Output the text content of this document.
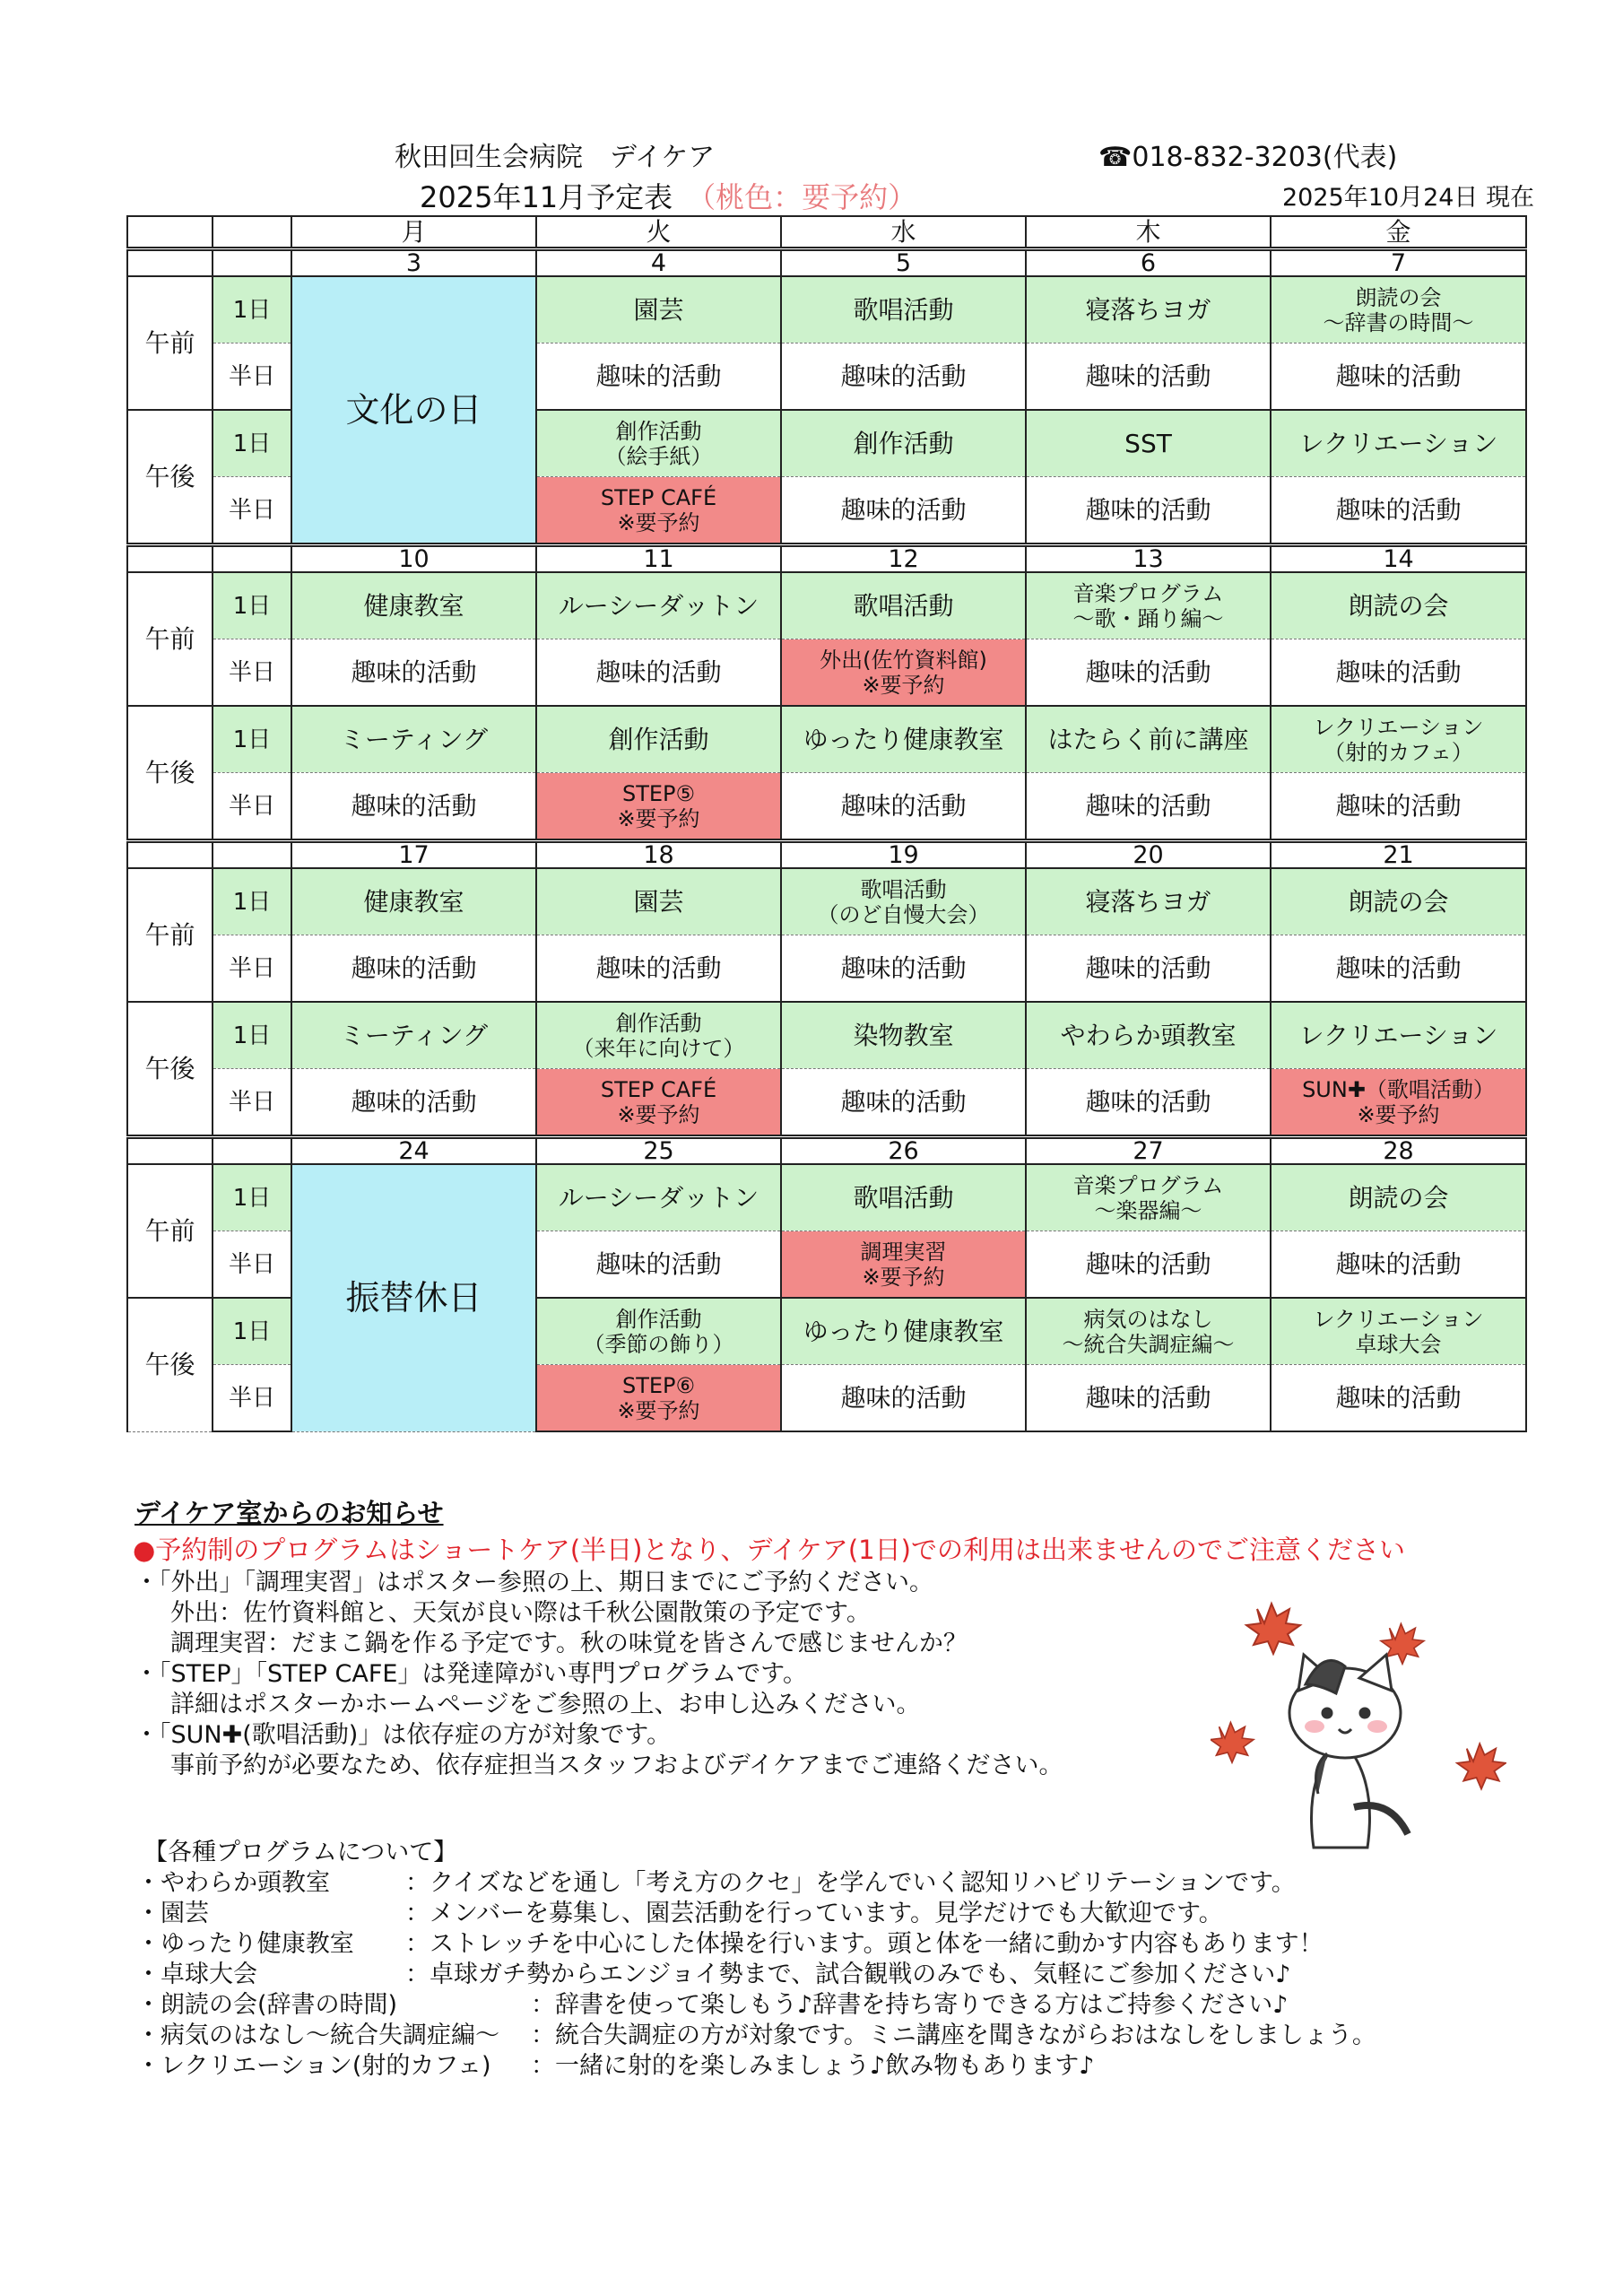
秋田回生会病院　デイケア	☎018-832-3203(代表)
2025年11月予定表　（桃色：要予約）	2025年10月24日 現在
		月	火	水	木	金
		3	4	5	6	7
午前	1日	文化の日	園芸	歌唱活動	寝落ちヨガ	朗読の会
～辞書の時間～

	半日		趣味的活動	趣味的活動	趣味的活動	趣味的活動
午後	1日		創作活動
（絵手紙）	創作活動	SST	レクリエーション
	半日		STEP CAFÉ
※要予約	趣味的活動	趣味的活動	趣味的活動
		10	11	12	13	14
午前	1日	健康教室	ルーシーダットン	歌唱活動	音楽プログラム
～歌・踊り編～	朗読の会
	半日	趣味的活動	趣味的活動	外出(佐竹資料館)
※要予約	趣味的活動	趣味的活動
午後	1日	ミーティング	創作活動	ゆったり健康教室	はたらく前に講座	レクリエーション
（射的カフェ）

	半日	趣味的活動	STEP⑤
※要予約	趣味的活動	趣味的活動	趣味的活動
		17	18	19	20	21
午前	1日	健康教室	園芸	歌唱活動
（のど自慢大会）	寝落ちヨガ	朗読の会
	半日	趣味的活動	趣味的活動	趣味的活動	趣味的活動	趣味的活動
午後	1日	ミーティング	創作活動
（来年に向けて）	染物教室	やわらか頭教室	レクリエーション
	半日	趣味的活動	STEP CAFÉ
※要予約	趣味的活動	趣味的活動	SUN✚（歌唱活動）
※要予約

		24	25	26	27	28
午前	1日	振替休日	ルーシーダットン	歌唱活動	音楽プログラム
～楽器編～	朗読の会
	半日		趣味的活動	調理実習
※要予約	趣味的活動	趣味的活動
午後	1日		創作活動
（季節の飾り）	ゆったり健康教室	病気のはなし
～統合失調症編～	レクリエーション
卓球大会

	半日		STEP⑥
※要予約	趣味的活動	趣味的活動	趣味的活動
デイケア室からのお知らせ
●予約制のプログラムはショートケア(半日)となり、デイケア(1日)での利用は出来ませんのでご注意ください
・「外出」「調理実習」はポスター参照の上、期日までにご予約ください。
外出：佐竹資料館と、天気が良い際は千秋公園散策の予定です。
調理実習：だまこ鍋を作る予定です。秋の味覚を皆さんで感じませんか？
・「STEP」「STEP CAFE」は発達障がい専門プログラムです。
詳細はポスターかホームページをご参照の上、お申し込みください。
・「SUN✚(歌唱活動)」は依存症の方が対象です。
事前予約が必要なため、依存症担当スタッフおよびデイケアまでご連絡ください。
【各種プログラムについて】
・やわらか頭教室	：クイズなどを通し「考え方のクセ」を学んでいく認知リハビリテーションです。
・園芸	：メンバーを募集し、園芸活動を行っています。見学だけでも大歓迎です。
・ゆったり健康教室 ：ストレッチを中心にした体操を行います。頭と体を一緒に動かす内容もあります！
・卓球大会	：卓球ガチ勢からエンジョイ勢まで、試合観戦のみでも、気軽にご参加ください♪
・朗読の会(辞書の時間)	：辞書を使って楽しもう♪辞書を持ち寄りできる方はご持参ください♪
・病気のはなし～統合失調症編～ ：統合失調症の方が対象です。ミニ講座を聞きながらおはなしをしましょう。
・レクリエーション(射的カフェ) ：一緒に射的を楽しみましょう♪飲み物もあります♪
